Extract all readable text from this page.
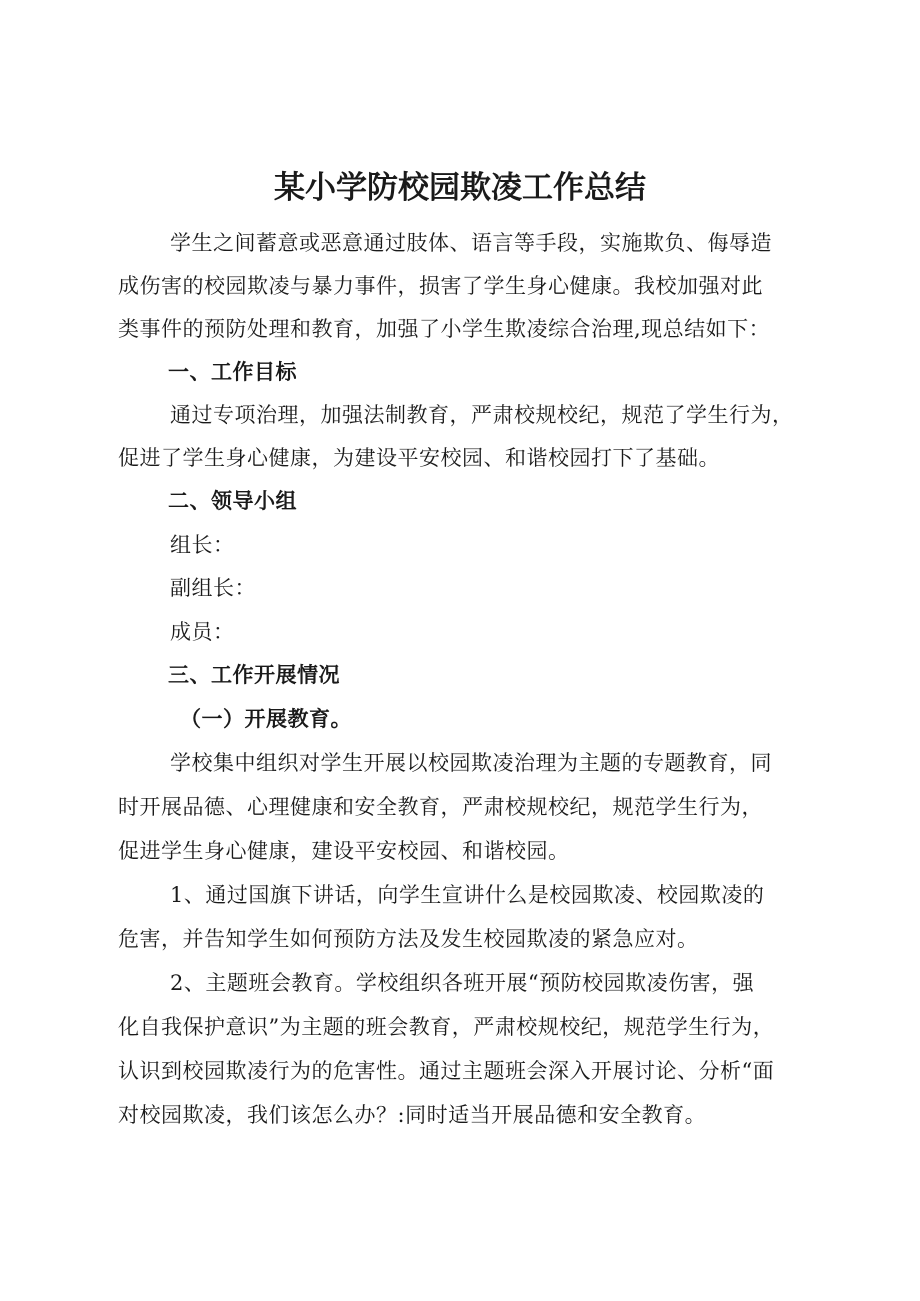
某小学防校园欺凌工作总结
学生之间蓄意或恶意通过肢体、语言等手段，实施欺负、侮辱造
成伤害的校园欺凌与暴力事件，损害了学生身心健康。我校加强对此
类事件的预防处理和教育，加强了小学生欺凌综合治理,现总结如下：
一、工作目标
通过专项治理，加强法制教育，严肃校规校纪，规范了学生行为，
促进了学生身心健康，为建设平安校园、和谐校园打下了基础。
二、领导小组
组长：
副组长：
成员：
三、工作开展情况
（一）开展教育。
学校集中组织对学生开展以校园欺凌治理为主题的专题教育，同
时开展品德、心理健康和安全教育，严肃校规校纪，规范学生行为，
促进学生身心健康，建设平安校园、和谐校园。
1、通过国旗下讲话，向学生宣讲什么是校园欺凌、校园欺凌的
危害，并告知学生如何预防方法及发生校园欺凌的紧急应对。
2、主题班会教育。学校组织各班开展“预防校园欺凌伤害，强
化自我保护意识”为主题的班会教育，严肃校规校纪，规范学生行为，
认识到校园欺凌行为的危害性。通过主题班会深入开展讨论、分析“面
对校园欺凌，我们该怎么办？:同时适当开展品德和安全教育。
